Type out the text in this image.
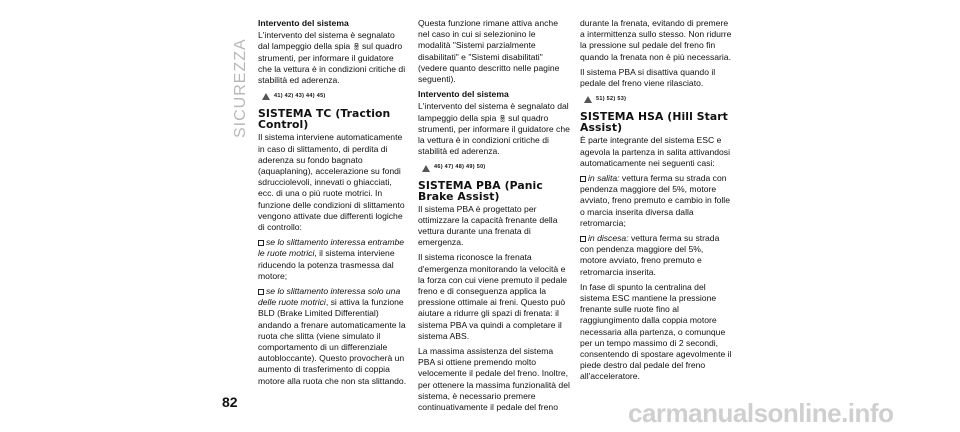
SICUREZZA
Intervento del sistema

L'intervento del sistema è segnalato dal lampeggio della spia sul quadro strumenti, per informare il guidatore che la vettura è in condizioni critiche di stabilità ed aderenza.

41) 42) 43) 44) 45)
SISTEMA TC (Traction Control)

Il sistema interviene automaticamente in caso di slittamento, di perdita di aderenza su fondo bagnato (aquaplaning), accelerazione su fondi sdrucciolevoli, innevati o ghiacciati, ecc. di una o più ruote motrici. In funzione delle condizioni di slittamento vengono attivate due differenti logiche di controllo:

se lo slittamento interessa entrambe le ruote motrici, il sistema interviene riducendo la potenza trasmessa dal motore;

se lo slittamento interessa solo una delle ruote motrici, si attiva la funzione BLD (Brake Limited Differential) andando a frenare automaticamente la ruota che slitta (viene simulato il comportamento di un differenziale autobloccante). Questo provocherà un aumento di trasferimento di coppia motore alla ruota che non sta slittando.

Questa funzione rimane attiva anche nel caso in cui si selezionino le modalità "Sistemi parzialmente disabilitati" e "Sistemi disabilitati" (vedere quanto descritto nelle pagine seguenti).

Intervento del sistema

L'intervento del sistema è segnalato dal lampeggio della spia sul quadro strumenti, per informare il guidatore che la vettura è in condizioni critiche di stabilità ed aderenza.

46) 47) 48) 49) 50)
SISTEMA PBA (Panic Brake Assist)

Il sistema PBA è progettato per ottimizzare la capacità frenante della vettura durante una frenata di emergenza.

Il sistema riconosce la frenata d'emergenza monitorando la velocità e la forza con cui viene premuto il pedale freno e di conseguenza applica la pressione ottimale ai freni. Questo può aiutare a ridurre gli spazi di frenata: il sistema PBA va quindi a completare il sistema ABS.

La massima assistenza del sistema PBA si ottiene premendo molto velocemente il pedale del freno. Inoltre, per ottenere la massima funzionalità del sistema, è necessario premere continuativamente il pedale del freno

durante la frenata, evitando di premere a intermittenza sullo stesso. Non ridurre la pressione sul pedale del freno fin quando la frenata non è più necessaria.

Il sistema PBA si disattiva quando il pedale del freno viene rilasciato.

51) 52) 53)
SISTEMA HSA (Hill Start Assist)

È parte integrante del sistema ESC e agevola la partenza in salita attivandosi automaticamente nei seguenti casi:

in salita: vettura ferma su strada con pendenza maggiore del 5%, motore avviato, freno premuto e cambio in folle o marcia inserita diversa dalla retromarcia;

in discesa: vettura ferma su strada con pendenza maggiore del 5%, motore avviato, freno premuto e retromarcia inserita.

In fase di spunto la centralina del sistema ESC mantiene la pressione frenante sulle ruote fino al raggiungimento dalla coppia motore necessaria alla partenza, o comunque per un tempo massimo di 2 secondi, consentendo di spostare agevolmente il piede destro dal pedale del freno all'acceleratore.

82	carmanualsonline.info
